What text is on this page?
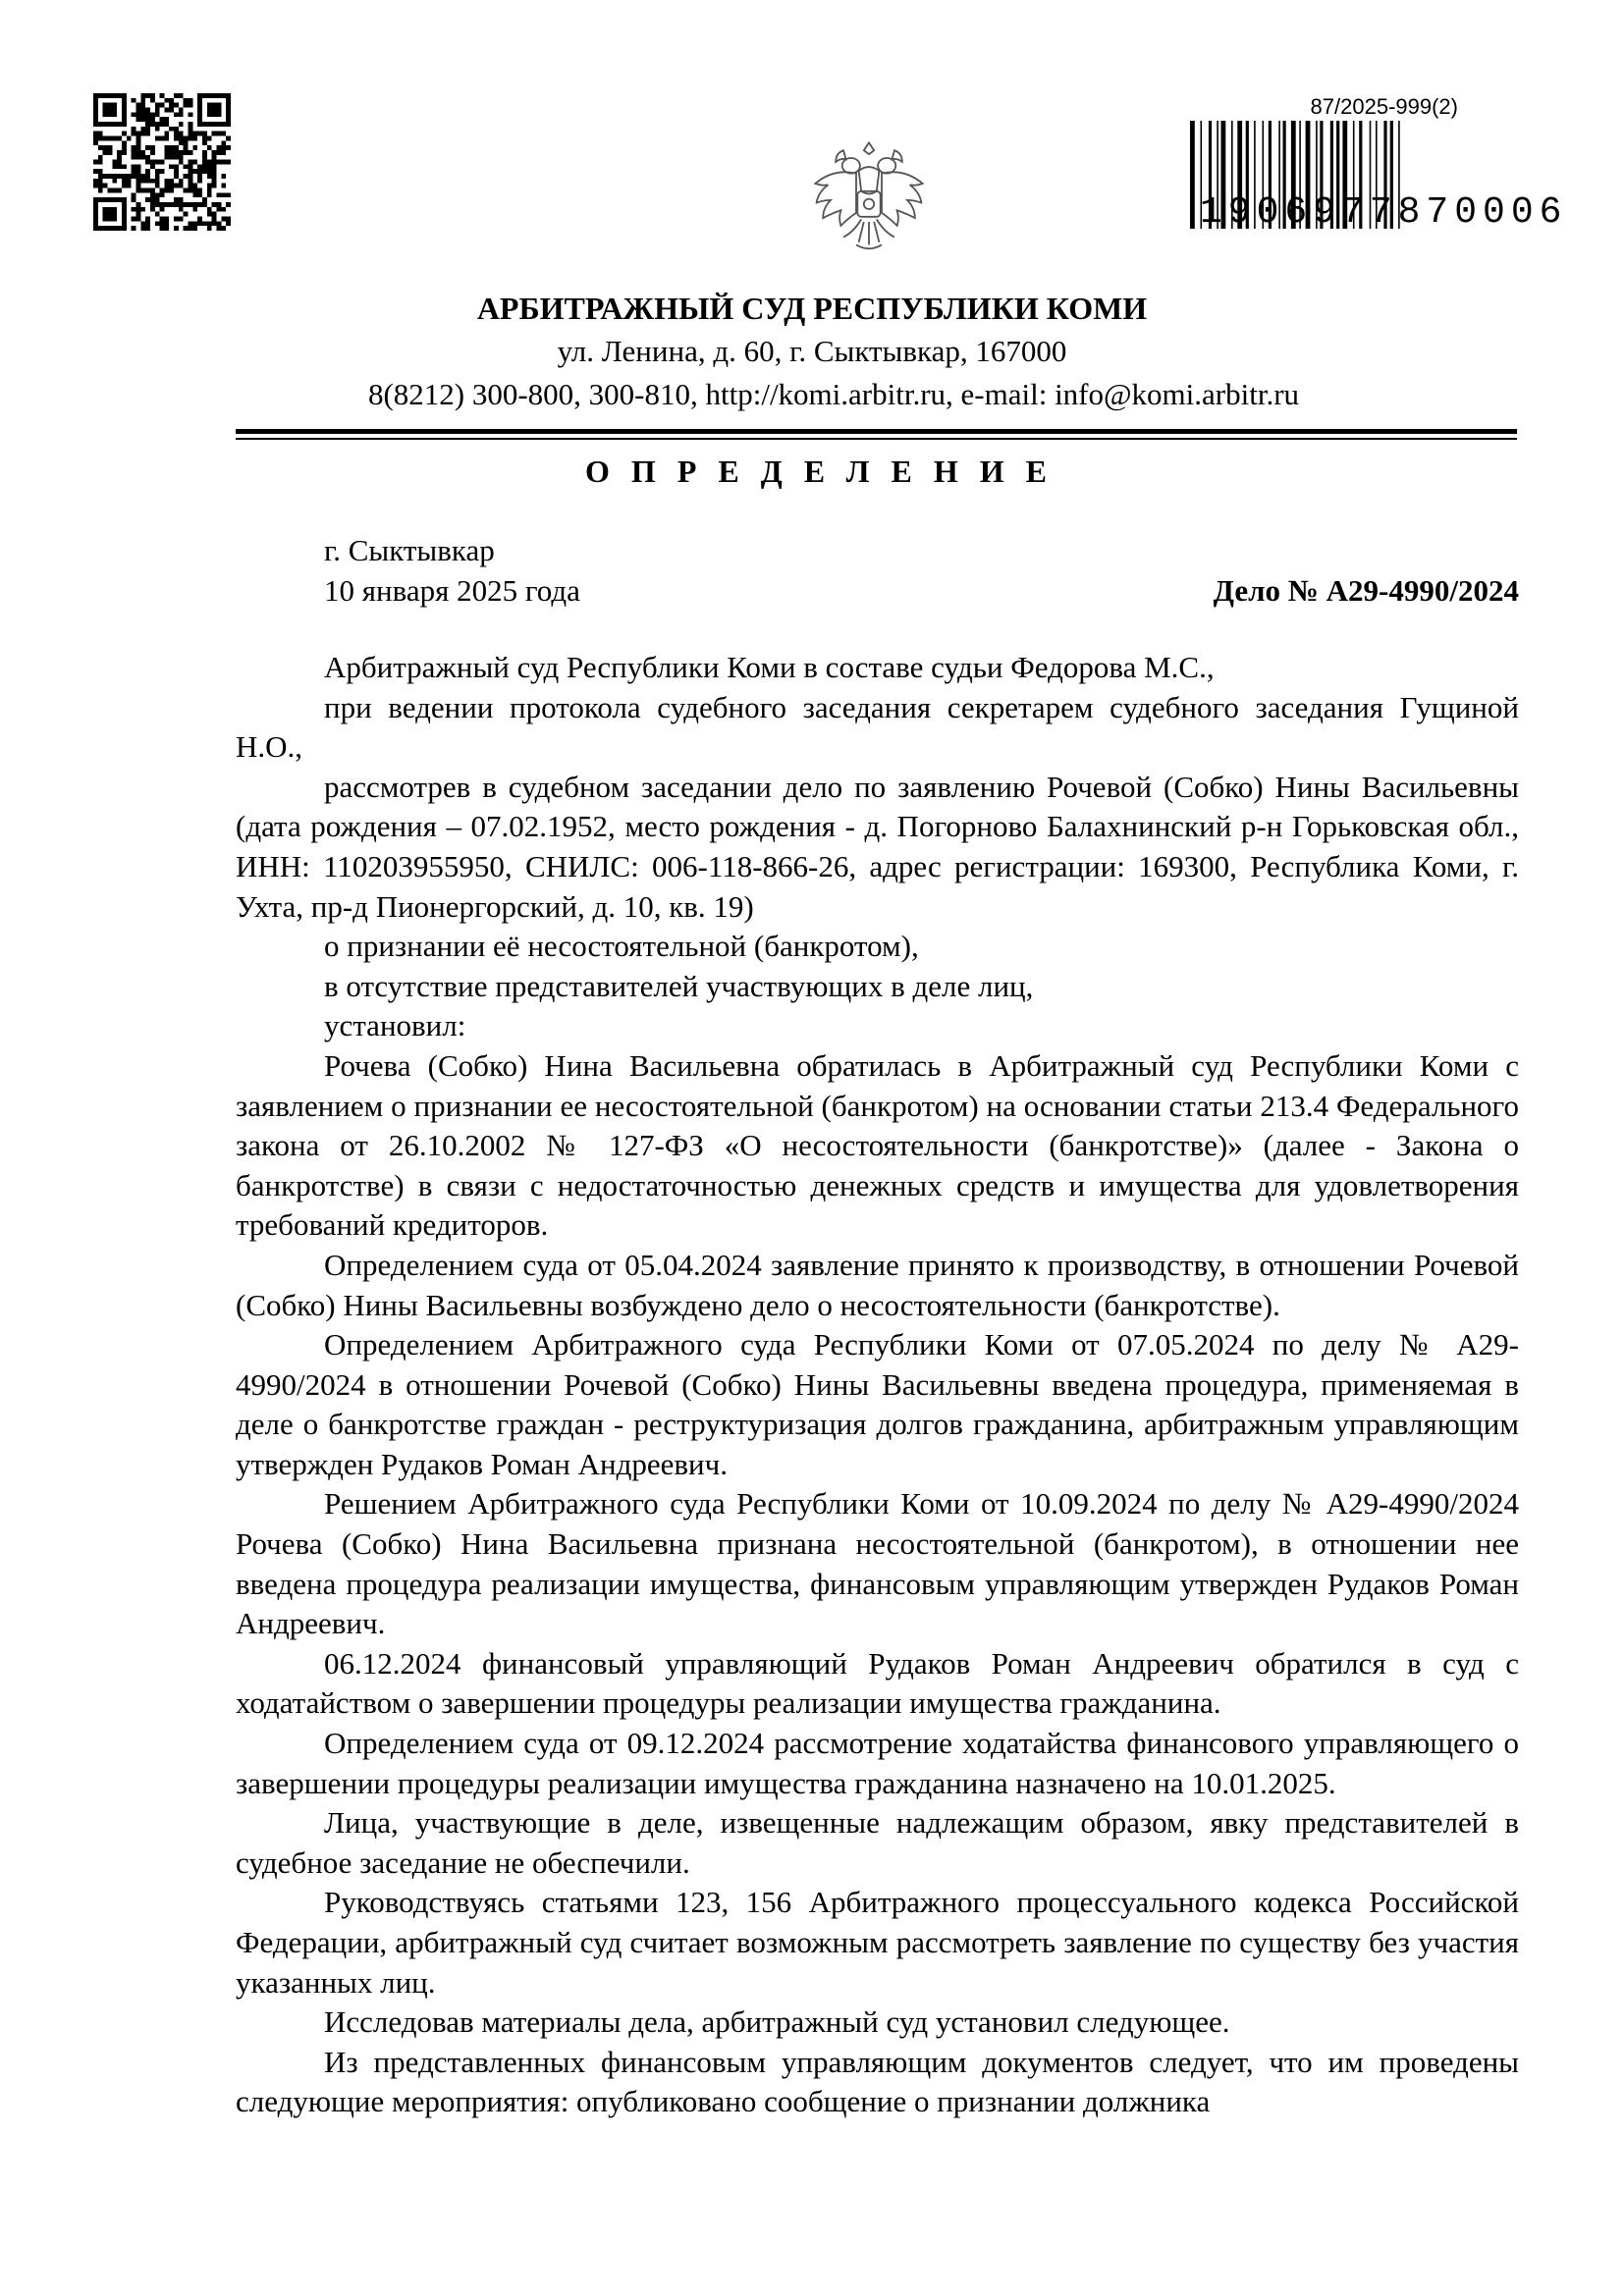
87/2025-999(2)
1906977870006
АРБИТРАЖНЫЙ СУД РЕСПУБЛИКИ КОМИ
ул. Ленина, д. 60, г. Сыктывкар, 167000
8(8212) 300-800, 300-810, http://komi.arbitr.ru, e-mail: info@komi.arbitr.ru
ОПРЕДЕЛЕНИЕ
г. Сыктывкар
10 января 2025 года	Дело № А29-4990/2024

Арбитражный суд Республики Коми в составе судьи Федорова М.С.,

при ведении протокола судебного заседания секретарем судебного заседания Гущиной Н.О.,

рассмотрев в судебном заседании дело по заявлению Рочевой (Собко) Нины Васильевны (дата рождения – 07.02.1952, место рождения - д. Погорново Балахнинский р-н Горьковская обл., ИНН: 110203955950, СНИЛС: 006-118-866-26, адрес регистрации: 169300, Республика Коми, г. Ухта, пр-д Пионергорский, д. 10, кв. 19)

о признании её несостоятельной (банкротом),

в отсутствие представителей участвующих в деле лиц,

установил:

Рочева (Собко) Нина Васильевна обратилась в Арбитражный суд Республики Коми с заявлением о признании ее несостоятельной (банкротом) на основании статьи 213.4 Федерального закона от 26.10.2002 № 127-ФЗ «О несостоятельности (банкротстве)» (далее - Закона о банкротстве) в связи с недостаточностью денежных средств и имущества для удовлетворения требований кредиторов.

Определением суда от 05.04.2024 заявление принято к производству, в отношении Рочевой (Собко) Нины Васильевны возбуждено дело о несостоятельности (банкротстве).

Определением Арбитражного суда Республики Коми от 07.05.2024 по делу № А29-4990/2024 в отношении Рочевой (Собко) Нины Васильевны введена процедура, применяемая в деле о банкротстве граждан - реструктуризация долгов гражданина, арбитражным управляющим утвержден Рудаков Роман Андреевич.

Решением Арбитражного суда Республики Коми от 10.09.2024 по делу № А29-4990/2024 Рочева (Собко) Нина Васильевна признана несостоятельной (банкротом), в отношении нее введена процедура реализации имущества, финансовым управляющим утвержден Рудаков Роман Андреевич.

06.12.2024 финансовый управляющий Рудаков Роман Андреевич обратился в суд с ходатайством о завершении процедуры реализации имущества гражданина.

Определением суда от 09.12.2024 рассмотрение ходатайства финансового управляющего о завершении процедуры реализации имущества гражданина назначено на 10.01.2025.

Лица, участвующие в деле, извещенные надлежащим образом, явку представителей в судебное заседание не обеспечили.

Руководствуясь статьями 123, 156 Арбитражного процессуального кодекса Российской Федерации, арбитражный суд считает возможным рассмотреть заявление по существу без участия указанных лиц.

Исследовав материалы дела, арбитражный суд установил следующее.

Из представленных финансовым управляющим документов следует, что им проведены следующие мероприятия: опубликовано сообщение о признании должника
